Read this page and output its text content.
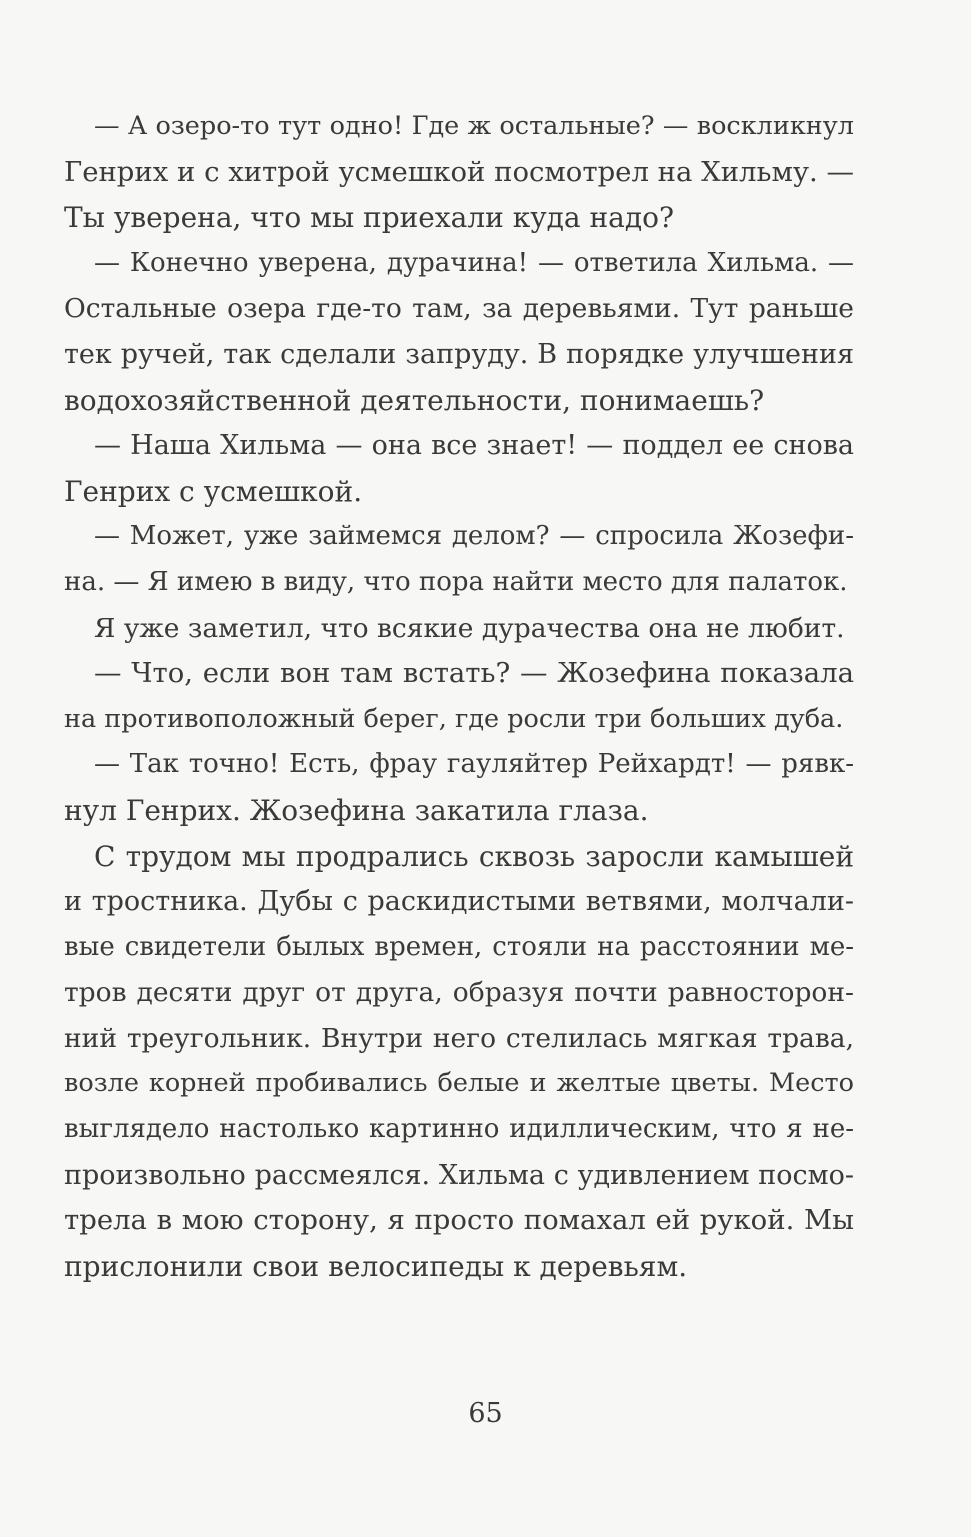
— А озеро-то тут одно! Где ж остальные? — воскликнул
Генрих и с хитрой усмешкой посмотрел на Хильму. —
Ты уверена, что мы приехали куда надо?
— Конечно уверена, дурачина! — ответила Хильма. —
Остальные озера где-то там, за деревьями. Тут раньше
тек ручей, так сделали запруду. В порядке улучшения
водохозяйственной деятельности, понимаешь?
— Наша Хильма — она все знает! — поддел ее снова
Генрих с усмешкой.
— Может, уже займемся делом? — спросила Жозефи-
на. — Я имею в виду, что пора найти место для палаток.
Я уже заметил, что всякие дурачества она не любит.
— Что, если вон там встать? — Жозефина показала
на противоположный берег, где росли три больших дуба.
— Так точно! Есть, фрау гауляйтер Рейхардт! — рявк-
нул Генрих. Жозефина закатила глаза.
С трудом мы продрались сквозь заросли камышей
и тростника. Дубы с раскидистыми ветвями, молчали-
вые свидетели былых времен, стояли на расстоянии ме-
тров десяти друг от друга, образуя почти равносторон-
ний треугольник. Внутри него стелилась мягкая трава,
возле корней пробивались белые и желтые цветы. Место
выглядело настолько картинно идиллическим, что я не-
произвольно рассмеялся. Хильма с удивлением посмо-
трела в мою сторону, я просто помахал ей рукой. Мы
прислонили свои велосипеды к деревьям.
65
